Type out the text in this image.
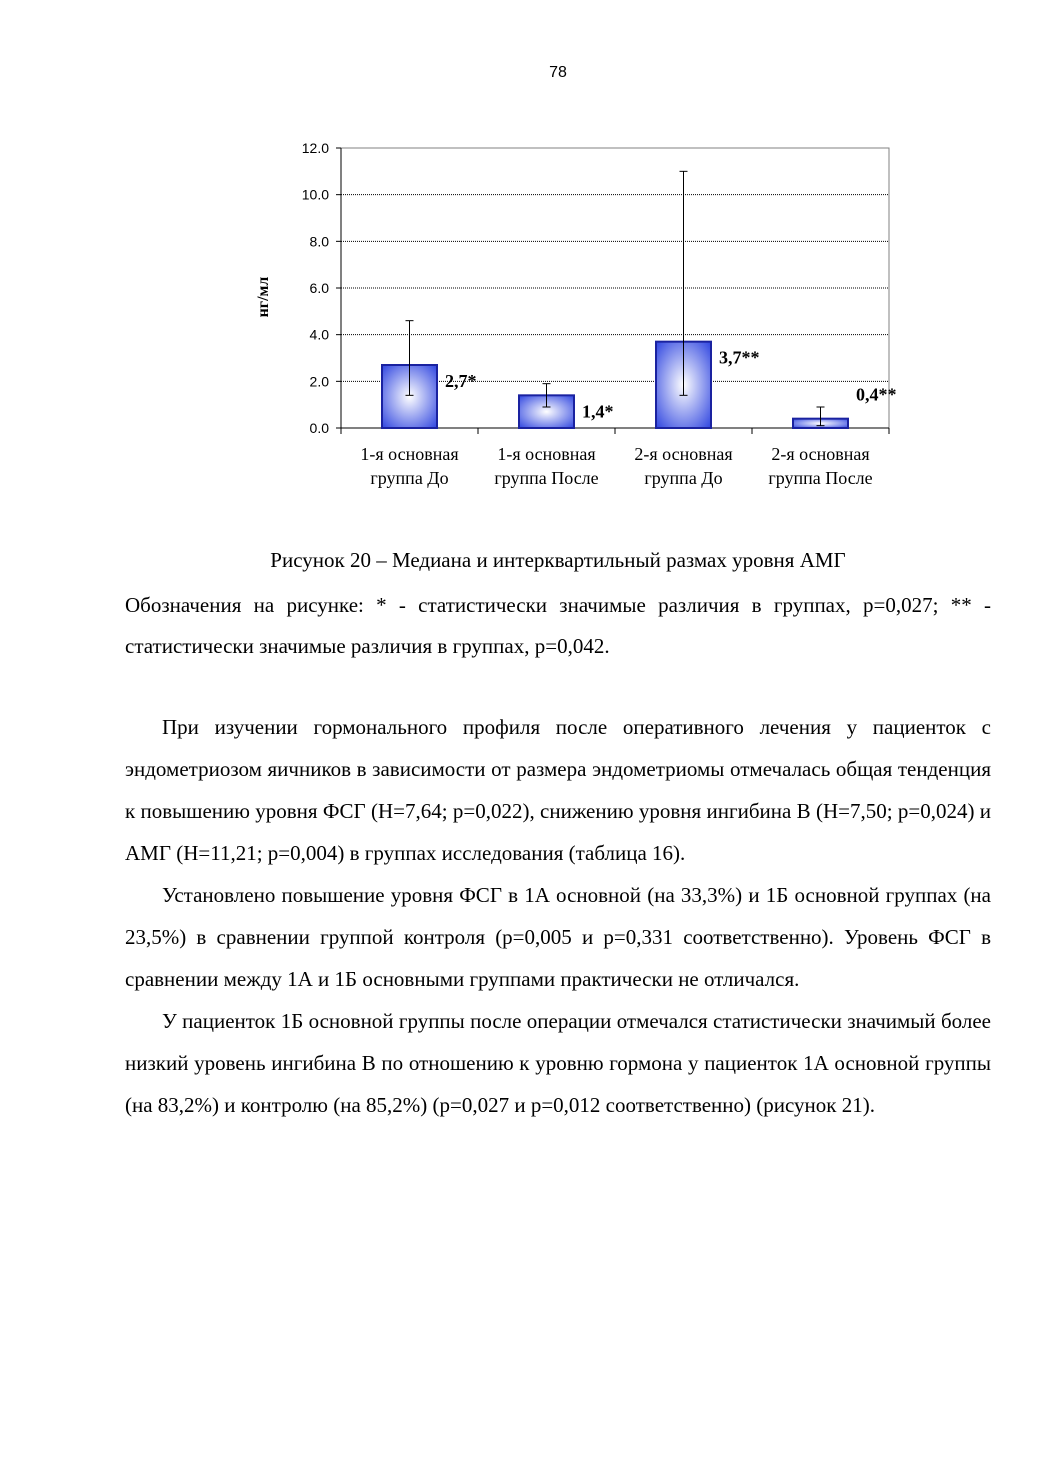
78
2,7*
1,4*
3,7**
0,4**
0.0
2.0
4.0
6.0
8.0
10.0
12.0
1-я основная
группа До
1-я основная
группа После
2-я основная
группа До
2-я основная
группа После
нг/мл
Рисунок 20 – Медиана и интерквартильный размах уровня АМГ

Обозначения на рисунке: * - статистически значимые различия в группах, р=0,027; ** - статистически значимые различия в группах, р=0,042.

При изучении гормонального профиля после оперативного лечения у пациенток с эндометриозом яичников в зависимости от размера эндометриомы отмечалась общая тенденция к повышению уровня ФСГ (Н=7,64; р=0,022), снижению уровня ингибина В (Н=7,50; р=0,024) и АМГ (Н=11,21; р=0,004) в группах исследования (таблица 16).

Установлено повышение уровня ФСГ в 1А основной (на 33,3%) и 1Б основной группах (на 23,5%) в сравнении группой контроля (р=0,005 и р=0,331 соответственно). Уровень ФСГ в сравнении между 1А и 1Б основными группами практически не отличался.

У пациенток 1Б основной группы после операции отмечался статистически значимый более низкий уровень ингибина В по отношению к уровню гормона у пациенток 1А основной группы (на 83,2%) и контролю (на 85,2%) (р=0,027 и р=0,012 соответственно) (рисунок 21).
